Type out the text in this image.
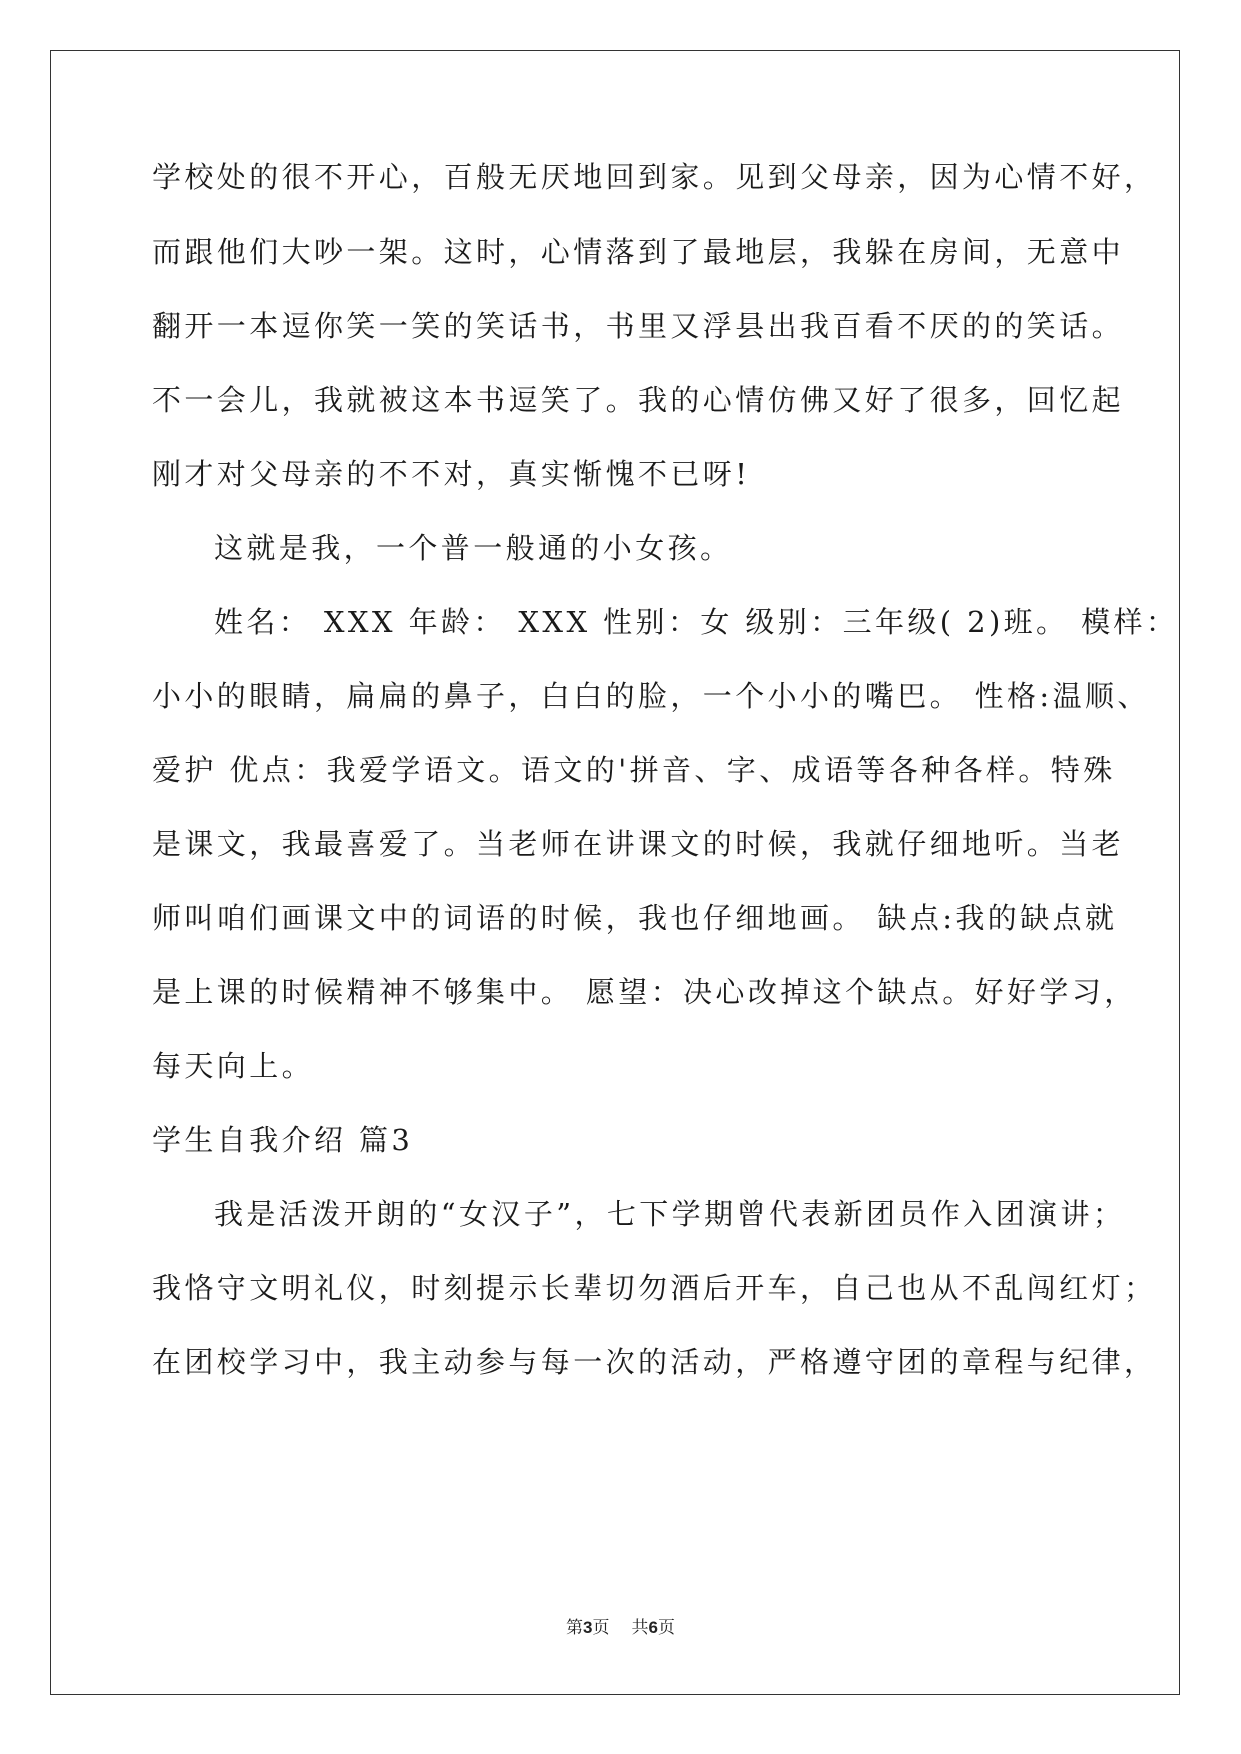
学校处的很不开心，百般无厌地回到家。见到父母亲，因为心情不好，
而跟他们大吵一架。这时，心情落到了最地层，我躲在房间，无意中
翻开一本逗你笑一笑的笑话书，书里又浮县出我百看不厌的的笑话。
不一会儿，我就被这本书逗笑了。我的心情仿佛又好了很多，回忆起
刚才对父母亲的不不对，真实惭愧不已呀!
这就是我，一个普一般通的小女孩。
姓名： XXX 年龄： XXX 性别：女 级别：三年级( 2)班。 模样：
小小的眼睛，扁扁的鼻子，白白的脸，一个小小的嘴巴。 性格:温顺、
爱护 优点：我爱学语文。语文的'拼音、字、成语等各种各样。特殊
是课文，我最喜爱了。当老师在讲课文的时候，我就仔细地听。当老
师叫咱们画课文中的词语的时候，我也仔细地画。 缺点:我的缺点就
是上课的时候精神不够集中。 愿望：决心改掉这个缺点。好好学习，
每天向上。
学生自我介绍 篇3
我是活泼开朗的“女汉子”，七下学期曾代表新团员作入团演讲；
我恪守文明礼仪，时刻提示长辈切勿酒后开车，自己也从不乱闯红灯；
在团校学习中，我主动参与每一次的活动，严格遵守团的章程与纪律，
第3页 共6页
